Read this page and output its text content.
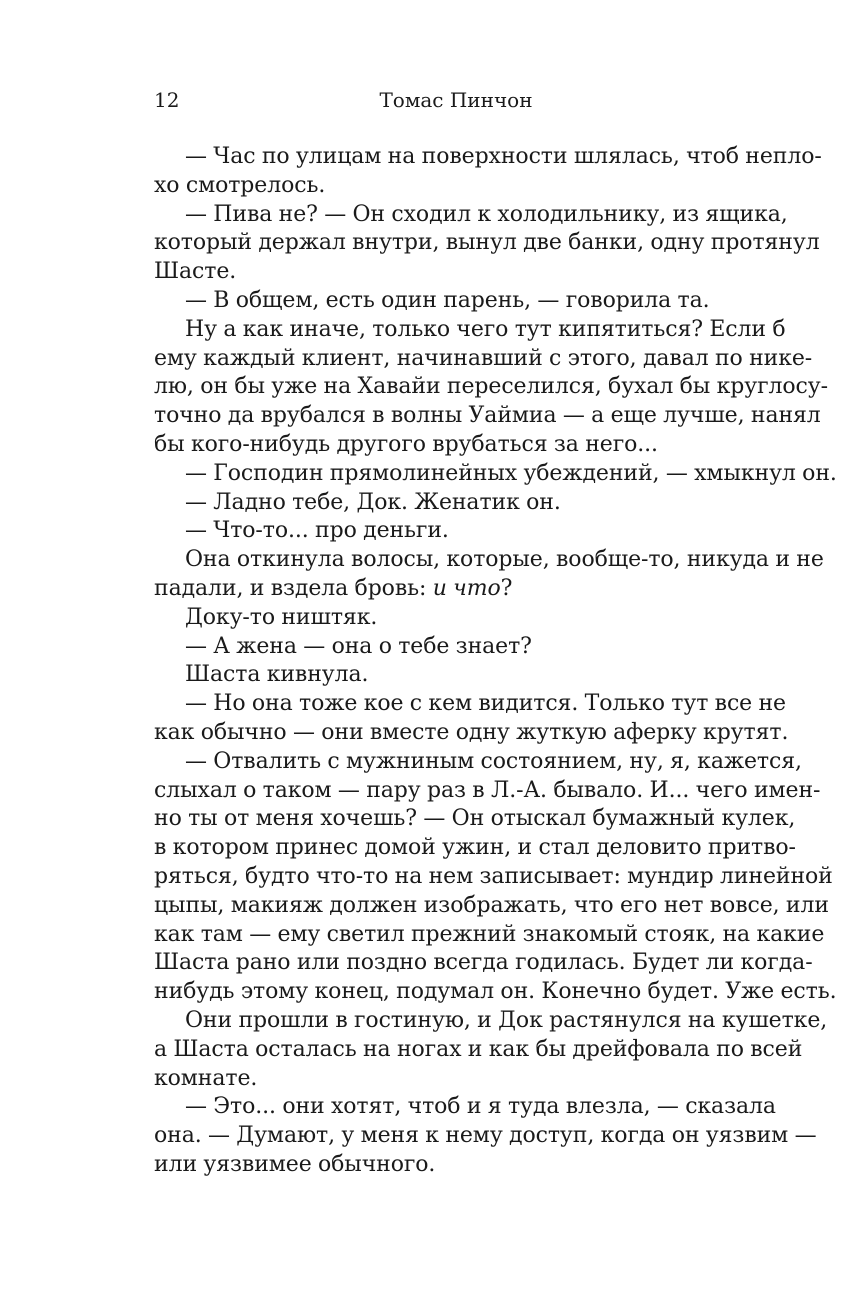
12	Томас Пинчон
— Час по улицам на поверхности шлялась, чтоб непло-
хо смотрелось.
— Пива не? — Он сходил к холодильнику, из ящика,
который держал внутри, вынул две банки, одну протянул
Шасте.
— В общем, есть один парень, — говорила та.
Ну а как иначе, только чего тут кипятиться? Если б
ему каждый клиент, начинавший с этого, давал по нике-
лю, он бы уже на Хавайи переселился, бухал бы круглосу-
точно да врубался в волны Уаймиа — а еще лучше, нанял
бы кого-нибудь другого врубаться за него...
— Господин прямолинейных убеждений, — хмыкнул он.
— Ладно тебе, Док. Женатик он.
— Что-то... про деньги.
Она откинула волосы, которые, вообще-то, никуда и не
падали, и вздела бровь: и что?
Доку-то ништяк.
— А жена — она о тебе знает?
Шаста кивнула.
— Но она тоже кое с кем видится. Только тут все не
как обычно — они вместе одну жуткую аферку крутят.
— Отвалить с мужниным состоянием, ну, я, кажется,
слыхал о таком — пару раз в Л.-А. бывало. И... чего имен-
но ты от меня хочешь? — Он отыскал бумажный кулек,
в котором принес домой ужин, и стал деловито притво-
ряться, будто что-то на нем записывает: мундир линейной
цыпы, макияж должен изображать, что его нет вовсе, или
как там — ему светил прежний знакомый стояк, на какие
Шаста рано или поздно всегда годилась. Будет ли когда-
нибудь этому конец, подумал он. Конечно будет. Уже есть.
Они прошли в гостиную, и Док растянулся на кушетке,
а Шаста осталась на ногах и как бы дрейфовала по всей
комнате.
— Это... они хотят, чтоб и я туда влезла, — сказала
она. — Думают, у меня к нему доступ, когда он уязвим —
или уязвимее обычного.
